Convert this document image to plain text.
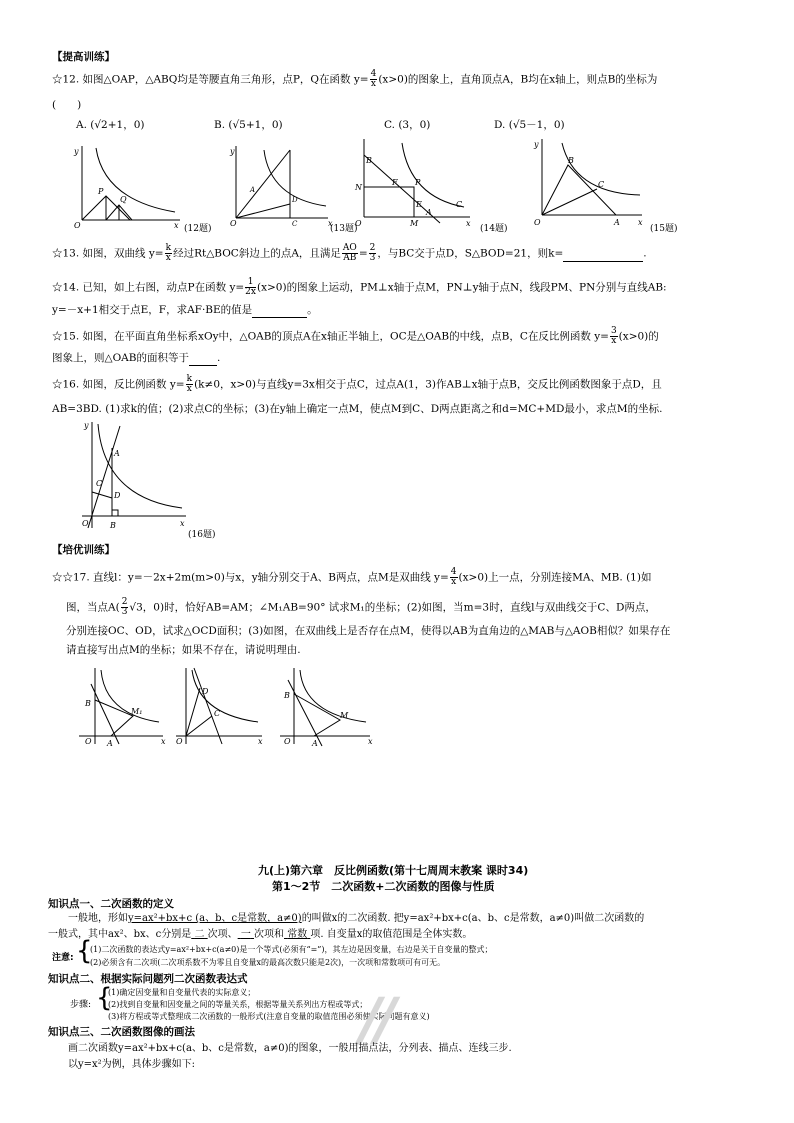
【提高训练】
☆12. 如图△OAP，△ABQ均是等腰直角三角形，点P，Q在函数 $y= \frac{4}{x} (x>0)$的图象上，直角顶点A，B均在x轴上，则点B的坐标为
(　　)
A. (√2+1，0)	B. (√5+1，0)	C. (3，0)	D. (√5－1，0)
y
O
P
Q
x (12题)
y
O
A
D
C	x
(13题)
B
N
F P
E
M
A
C
O	x
(14题)
y
B
C
A
O	x
(15题)
☆13. 如图，双曲线 $y= \frac{k}{x}$ 经过Rt△BOC斜边上的点A，且满足 $\frac{AO}{AB} = \frac{2}{3}$ ，与BC交于点D，S△BOD=21，则k=	.
☆14. 已知，如上右图，动点P在函数 $y= \frac{1}{2x} (x>0)$的图象上运动，PM⊥x轴于点M，PN⊥y轴于点N，线段PM、PN分别与直线AB:
y=－x+1相交于点E，F，求AF·BE的值是	。
☆15. 如图，在平面直角坐标系xOy中，△OAB的顶点A在x轴正半轴上，OC是△OAB的中线，点B，C在反比例函数 $y= \frac{3}{x} (x>0)$的
图象上，则△OAB的面积等于	.
☆16. 如图，反比例函数 $y= \frac{k}{x} (k\ne 0$，x>0)与直线y=3x相交于点C，过点A(1，3)作AB⊥x轴于点B，交反比例函数图象于点D，且
AB=3BD. (1)求k的值；(2)求点C的坐标；(3)在y轴上确定一点M，使点M到C、D两点距离之和d=MC+MD最小，求点M的坐标.
y
A
C
D
O	B	x
(16题)
【培优训练】
☆☆17. 直线l：y=－2x+2m(m>0)与x，y轴分别交于A、B两点，点M是双曲线 $y= \frac{4}{x} (x>0)$上一点，分别连接MA、MB. (1)如
图，当点$A( \frac{2}{3} √3$，0)时，恰好AB=AM；∠M₁AB=90° 试求M₁的坐标；(2)如图，当m=3时，直线l与双曲线交于C、D两点，
分别连接OC、OD，试求△OCD面积；(3)如图，在双曲线上是否存在点M，使得以AB为直角边的△MAB与△AOB相似？如果存在
请直接写出点M的坐标；如果不存在，请说明理由.
B
M₁
O A	x
D
C
O	x
B
M
O	A	x
九(上)第六章　反比例函数(第十七周周末教案 课时34)
第1～2节　二次函数+二次函数的图像与性质
知识点一、二次函数的定义
一般地，形如y=ax²+bx+c (a、b、c是常数，a≠0)的叫做x的二次函数. 把y=ax²+bx+c(a、b、c是常数，a≠0)叫做二次函数的
一般式，其中ax²、bx、c分别是 二 次项、 一 次项和 常数 项. 自变量x的取值范围是全体实数。
注意: {
(1)二次函数的表达式y=ax²+bx+c(a≠0)是一个等式(必须有“=”)，其左边是因变量，右边是关于自变量的整式；
(2)必须含有二次项(二次项系数不为零且自变量x的最高次数只能是2次)，一次项和常数项可有可无。
知识点二、根据实际问题列二次函数表达式
步骤: {
(1)确定因变量和自变量代表的实际意义；
(2)找到自变量和因变量之间的等量关系，根据等量关系列出方程或等式；
(3)将方程或等式整理成二次函数的一般形式(注意自变量的取值范围必须使实际问题有意义)
//
知识点三、二次函数图像的画法
画二次函数y=ax²+bx+c(a、b、c是常数，a≠0)的图象，一般用描点法，分列表、描点、连线三步.
以y=x²为例，具体步骤如下:
